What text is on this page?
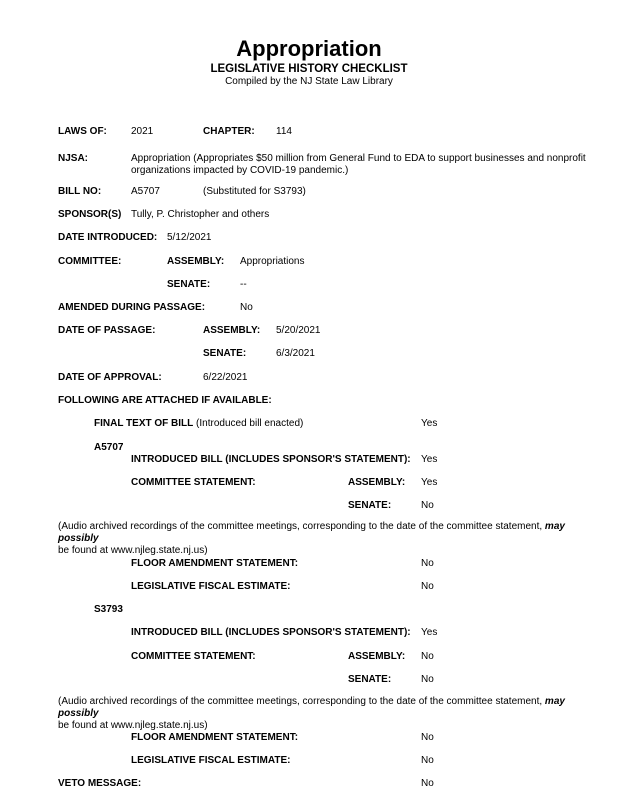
Appropriation
LEGISLATIVE HISTORY CHECKLIST
Compiled by the NJ State Law Library
LAWS OF: 2021	CHAPTER: 114
NJSA:	Appropriation (Appropriates $50 million from General Fund to EDA to support businesses and nonprofit
organizations impacted by COVID-19 pandemic.)
BILL NO:	A5707	(Substituted for S3793)
SPONSOR(S) Tully, P. Christopher and others
DATE INTRODUCED: 5/12/2021
COMMITTEE:	ASSEMBLY: Appropriations
SENATE:	--
AMENDED DURING PASSAGE:	No
DATE OF PASSAGE:	ASSEMBLY: 5/20/2021
SENATE:	6/3/2021
DATE OF APPROVAL:	6/22/2021
FOLLOWING ARE ATTACHED IF AVAILABLE:
FINAL TEXT OF BILL (Introduced bill enacted)	Yes
A5707
INTRODUCED BILL (INCLUDES SPONSOR'S STATEMENT): Yes
COMMITTEE STATEMENT:	ASSEMBLY: Yes
SENATE:	No
(Audio archived recordings of the committee meetings, corresponding to the date of the committee statement, may possibly
be found at www.njleg.state.nj.us)
FLOOR AMENDMENT STATEMENT:	No
LEGISLATIVE FISCAL ESTIMATE:	No
S3793
INTRODUCED BILL (INCLUDES SPONSOR'S STATEMENT): Yes
COMMITTEE STATEMENT:	ASSEMBLY: No
SENATE:	No
(Audio archived recordings of the committee meetings, corresponding to the date of the committee statement, may possibly
be found at www.njleg.state.nj.us)
FLOOR AMENDMENT STATEMENT:	No
LEGISLATIVE FISCAL ESTIMATE:	No
VETO MESSAGE:	No
